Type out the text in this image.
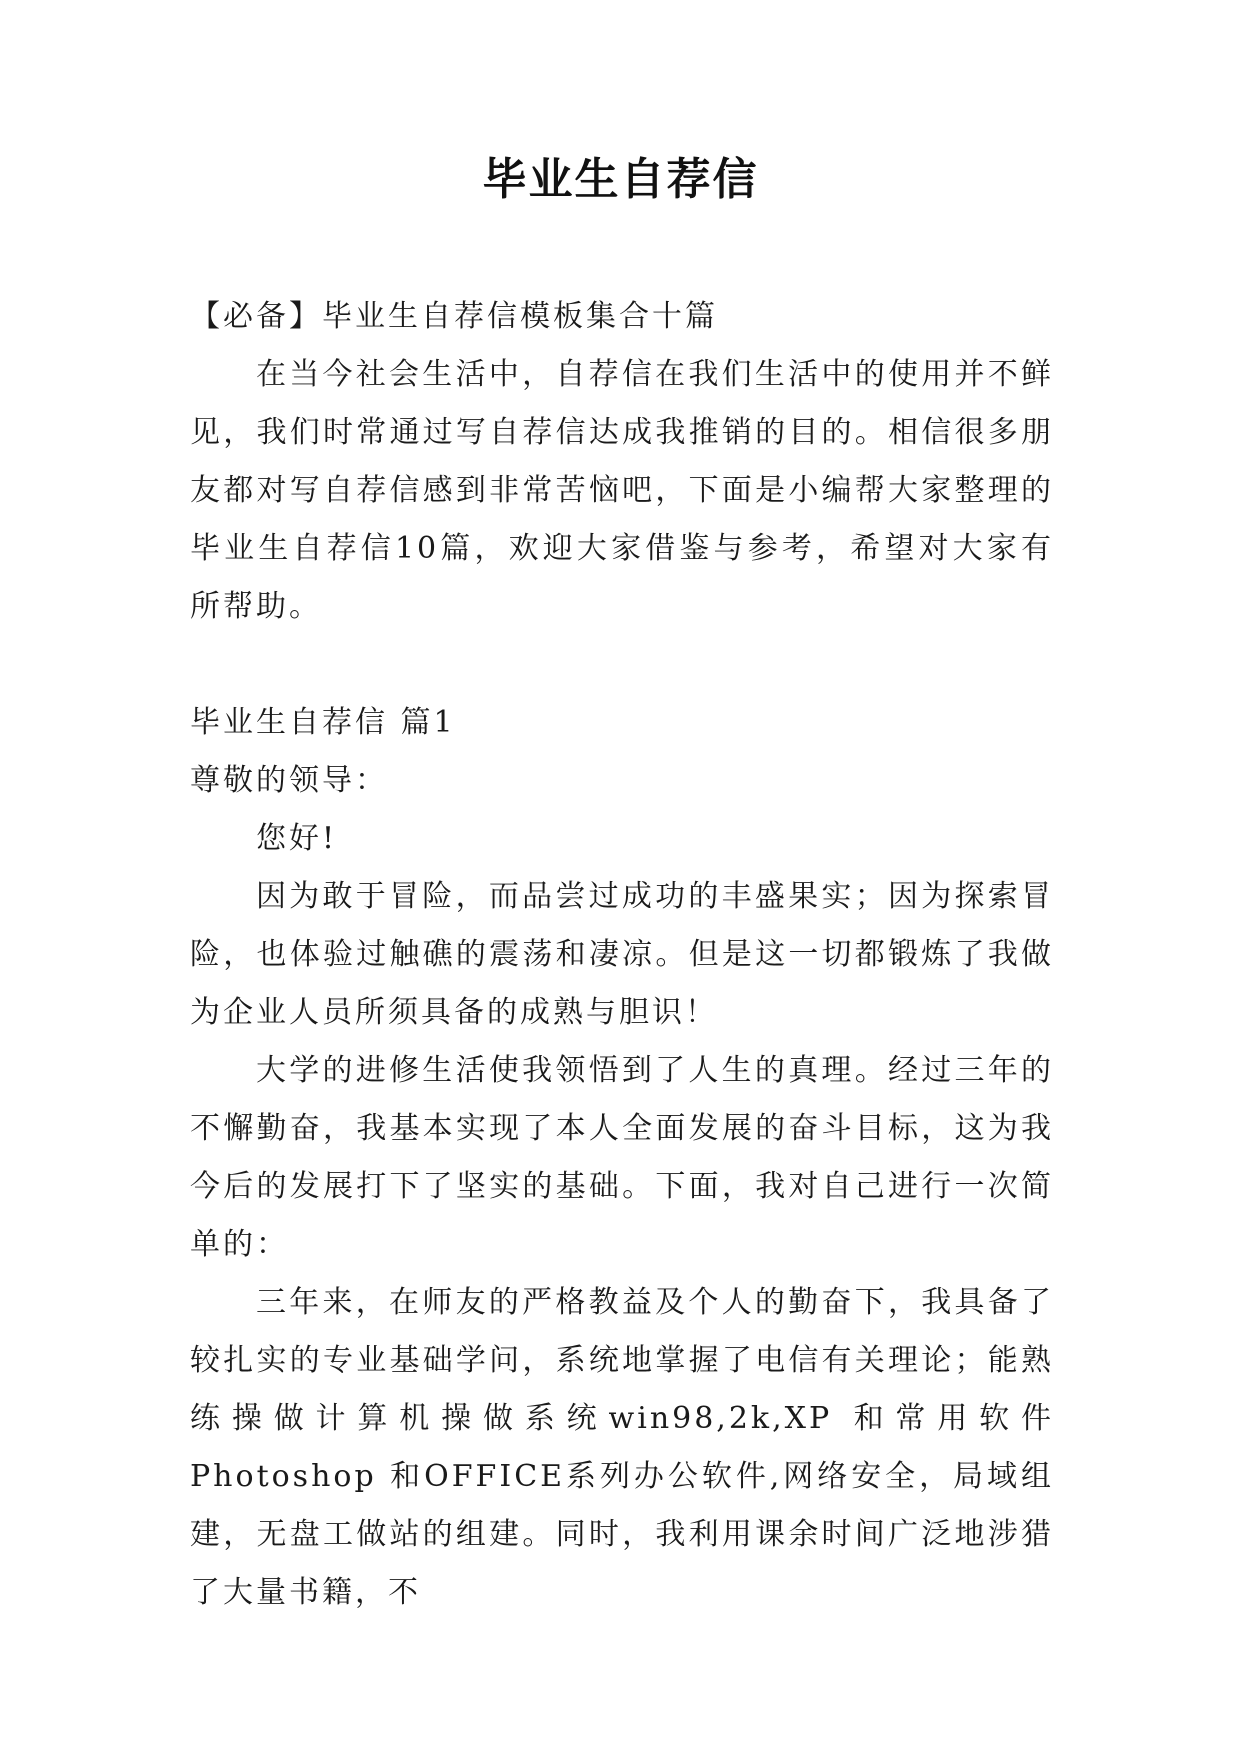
毕业生自荐信

【必备】毕业生自荐信模板集合十篇

在当今社会生活中，自荐信在我们生活中的使用并不鲜见，我们时常通过写自荐信达成我推销的目的。相信很多朋友都对写自荐信感到非常苦恼吧，下面是小编帮大家整理的毕业生自荐信10篇，欢迎大家借鉴与参考，希望对大家有所帮助。

毕业生自荐信 篇1

尊敬的领导：

您好!

因为敢于冒险，而品尝过成功的丰盛果实；因为探索冒险，也体验过触礁的震荡和凄凉。但是这一切都锻炼了我做为企业人员所须具备的成熟与胆识！

大学的进修生活使我领悟到了人生的真理。经过三年的不懈勤奋，我基本实现了本人全面发展的奋斗目标，这为我今后的发展打下了坚实的基础。下面，我对自己进行一次简单的：

三年来，在师友的严格教益及个人的勤奋下，我具备了较扎实的专业基础学问，系统地掌握了电信有关理论；能熟练操做计算机操做系统win98,2k,XP 和常用软件Photoshop 和OFFICE系列办公软件,网络安全，局域组建，无盘工做站的组建。同时，我利用课余时间广泛地涉猎了大量书籍，不
